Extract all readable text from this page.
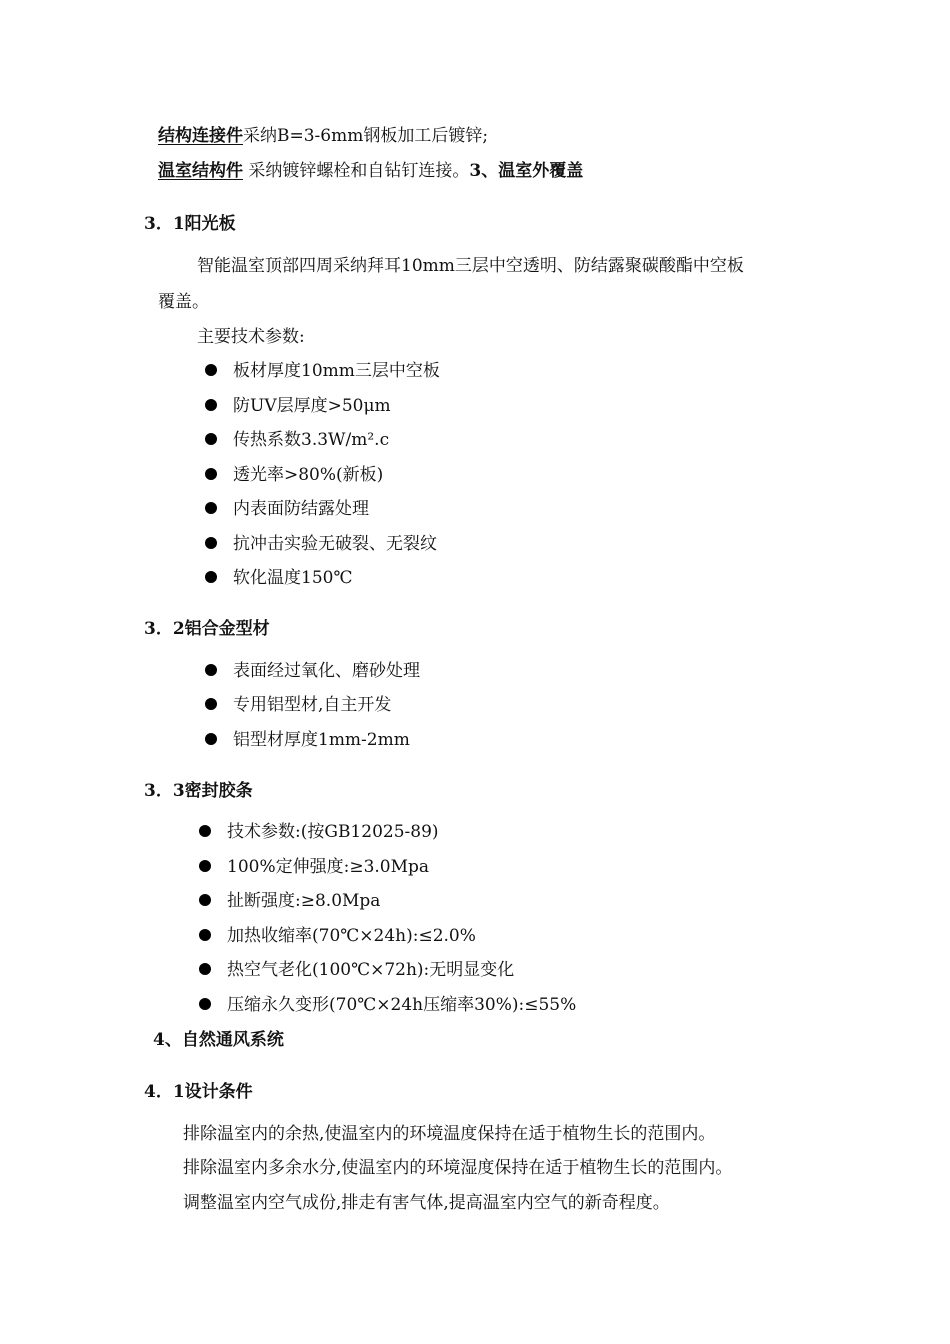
结构连接件采纳B=3-6mm钢板加工后镀锌;
温室结构件 采纳镀锌螺栓和自钻钉连接。3、温室外覆盖
3．1阳光板
智能温室顶部四周采纳拜耳10mm三层中空透明、防结露聚碳酸酯中空板
覆盖。
主要技术参数:
板材厚度10mm三层中空板
防UV层厚度>50μm
传热系数3.3W/m².c
透光率>80%(新板)
内表面防结露处理
抗冲击实验无破裂、无裂纹
软化温度150℃
3．2铝合金型材
表面经过氧化、磨砂处理
专用铝型材,自主开发
铝型材厚度1mm-2mm
3．3密封胶条
技术参数:(按GB12025-89)
100%定伸强度:≥3.0Mpa
扯断强度:≥8.0Mpa
加热收缩率(70℃×24h):≤2.0%
热空气老化(100℃×72h):无明显变化
压缩永久变形(70℃×24h压缩率30%):≤55%
4、自然通风系统
4．1设计条件
排除温室内的余热,使温室内的环境温度保持在适于植物生长的范围内。
排除温室内多余水分,使温室内的环境湿度保持在适于植物生长的范围内。
调整温室内空气成份,排走有害气体,提高温室内空气的新奇程度。
